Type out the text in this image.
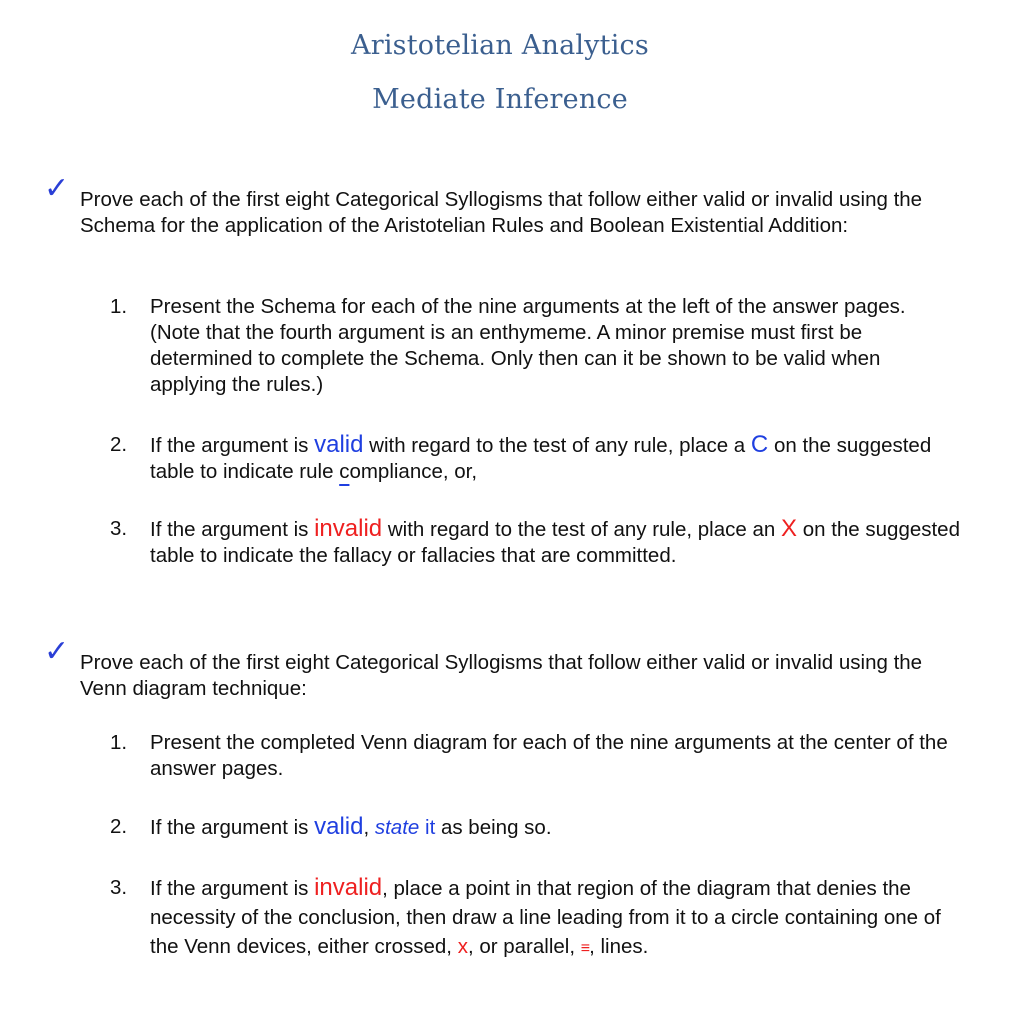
Aristotelian Analytics
Mediate Inference
✓ Prove each of the first eight Categorical Syllogisms that follow either valid or invalid using the Schema for the application of the Aristotelian Rules and Boolean Existential Addition:
1.	Present the Schema for each of the nine arguments at the left of the answer pages. (Note that the fourth argument is an enthymeme. A minor premise must first be determined to complete the Schema. Only then can it be shown to be valid when applying the rules.)
2.	If the argument is valid with regard to the test of any rule, place a C on the suggested table to indicate rule compliance, or,
3.	If the argument is invalid with regard to the test of any rule, place an X on the suggested table to indicate the fallacy or fallacies that are committed.
✓ Prove each of the first eight Categorical Syllogisms that follow either valid or invalid using the Venn diagram technique:
1.	Present the completed Venn diagram for each of the nine arguments at the center of the answer pages.
2.	If the argument is valid, state it as being so.
3.	If the argument is invalid, place a point in that region of the diagram that denies the necessity of the conclusion, then draw a line leading from it to a circle containing one of the Venn devices, either crossed, x, or parallel, ≡, lines.
